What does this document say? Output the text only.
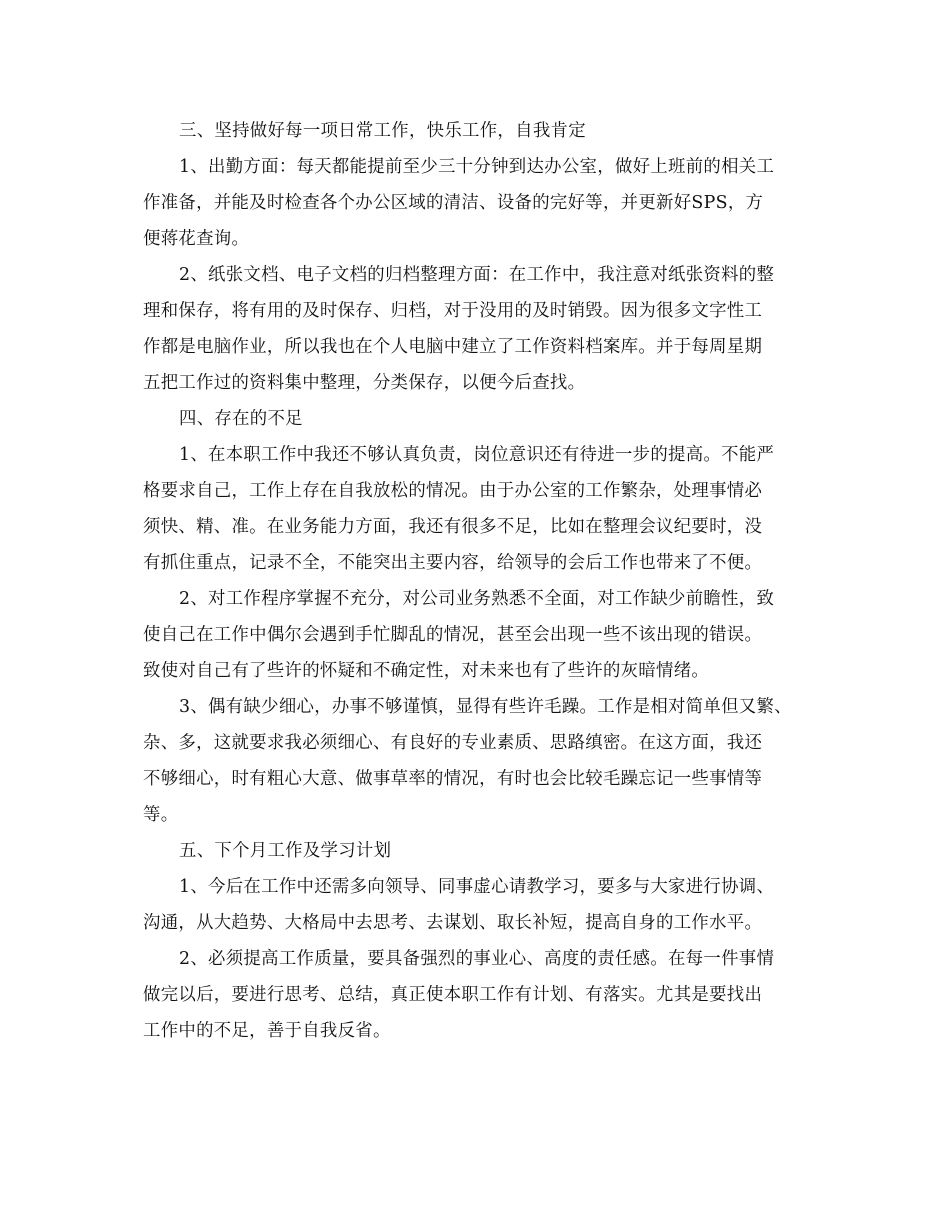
三、坚持做好每一项日常工作，快乐工作，自我肯定
1、出勤方面：每天都能提前至少三十分钟到达办公室，做好上班前的相关工
作准备，并能及时检查各个办公区域的清洁、设备的完好等，并更新好SPS，方
便蒋花查询。
2、纸张文档、电子文档的归档整理方面：在工作中，我注意对纸张资料的整
理和保存，将有用的及时保存、归档，对于没用的及时销毁。因为很多文字性工
作都是电脑作业，所以我也在个人电脑中建立了工作资料档案库。并于每周星期
五把工作过的资料集中整理，分类保存，以便今后查找。
四、存在的不足
1、在本职工作中我还不够认真负责，岗位意识还有待进一步的提高。不能严
格要求自己，工作上存在自我放松的情况。由于办公室的工作繁杂，处理事情必
须快、精、准。在业务能力方面，我还有很多不足，比如在整理会议纪要时，没
有抓住重点，记录不全，不能突出主要内容，给领导的会后工作也带来了不便。
2、对工作程序掌握不充分，对公司业务熟悉不全面，对工作缺少前瞻性，致
使自己在工作中偶尔会遇到手忙脚乱的情况，甚至会出现一些不该出现的错误。
致使对自己有了些许的怀疑和不确定性，对未来也有了些许的灰暗情绪。
3、偶有缺少细心，办事不够谨慎，显得有些许毛躁。工作是相对简单但又繁、
杂、多，这就要求我必须细心、有良好的专业素质、思路缜密。在这方面，我还
不够细心，时有粗心大意、做事草率的情况，有时也会比较毛躁忘记一些事情等
等。
五、下个月工作及学习计划
1、今后在工作中还需多向领导、同事虚心请教学习，要多与大家进行协调、
沟通，从大趋势、大格局中去思考、去谋划、取长补短，提高自身的工作水平。
2、必须提高工作质量，要具备强烈的事业心、高度的责任感。在每一件事情
做完以后，要进行思考、总结，真正使本职工作有计划、有落实。尤其是要找出
工作中的不足，善于自我反省。
